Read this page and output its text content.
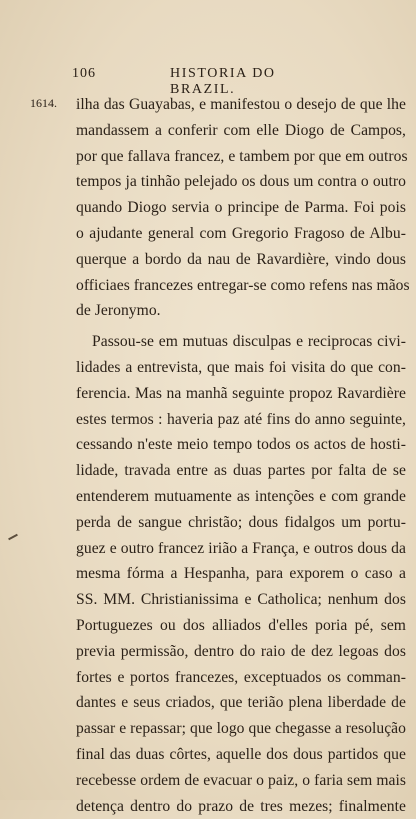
106	HISTORIA DO BRAZIL.
1614. ilha das Guayabas, e manifestou o desejo de que lhe
mandassem a conferir com elle Diogo de Campos,
por que fallava francez, e tambem por que em outros
tempos ja tinhão pelejado os dous um contra o outro
quando Diogo servia o principe de Parma. Foi pois
o ajudante general com Gregorio Fragoso de Albu-
querque a bordo da nau de Ravardière, vindo dous
officiaes francezes entregar-se como refens nas mãos
de Jeronymo.
Passou-se em mutuas disculpas e reciprocas civi-
lidades a entrevista, que mais foi visita do que con-
ferencia. Mas na manhã seguinte propoz Ravardière
estes termos : haveria paz até fins do anno seguinte,
cessando n'este meio tempo todos os actos de hosti-
lidade, travada entre as duas partes por falta de se
entenderem mutuamente as intenções e com grande
perda de sangue christão; dous fidalgos um portu-
guez e outro francez irião a França, e outros dous da
mesma fórma a Hespanha, para exporem o caso a
SS. MM. Christianissima e Catholica; nenhum dos
Portuguezes ou dos alliados d'elles poria pé, sem
previa permissão, dentro do raio de dez legoas dos
fortes e portos francezes, exceptuados os comman-
dantes e seus criados, que terião plena liberdade de
passar e repassar; que logo que chegasse a resolução
final das duas côrtes, aquelle dos dous partidos que
recebesse ordem de evacuar o paiz, o faria sem mais
detença dentro do prazo de tres mezes; finalmente
